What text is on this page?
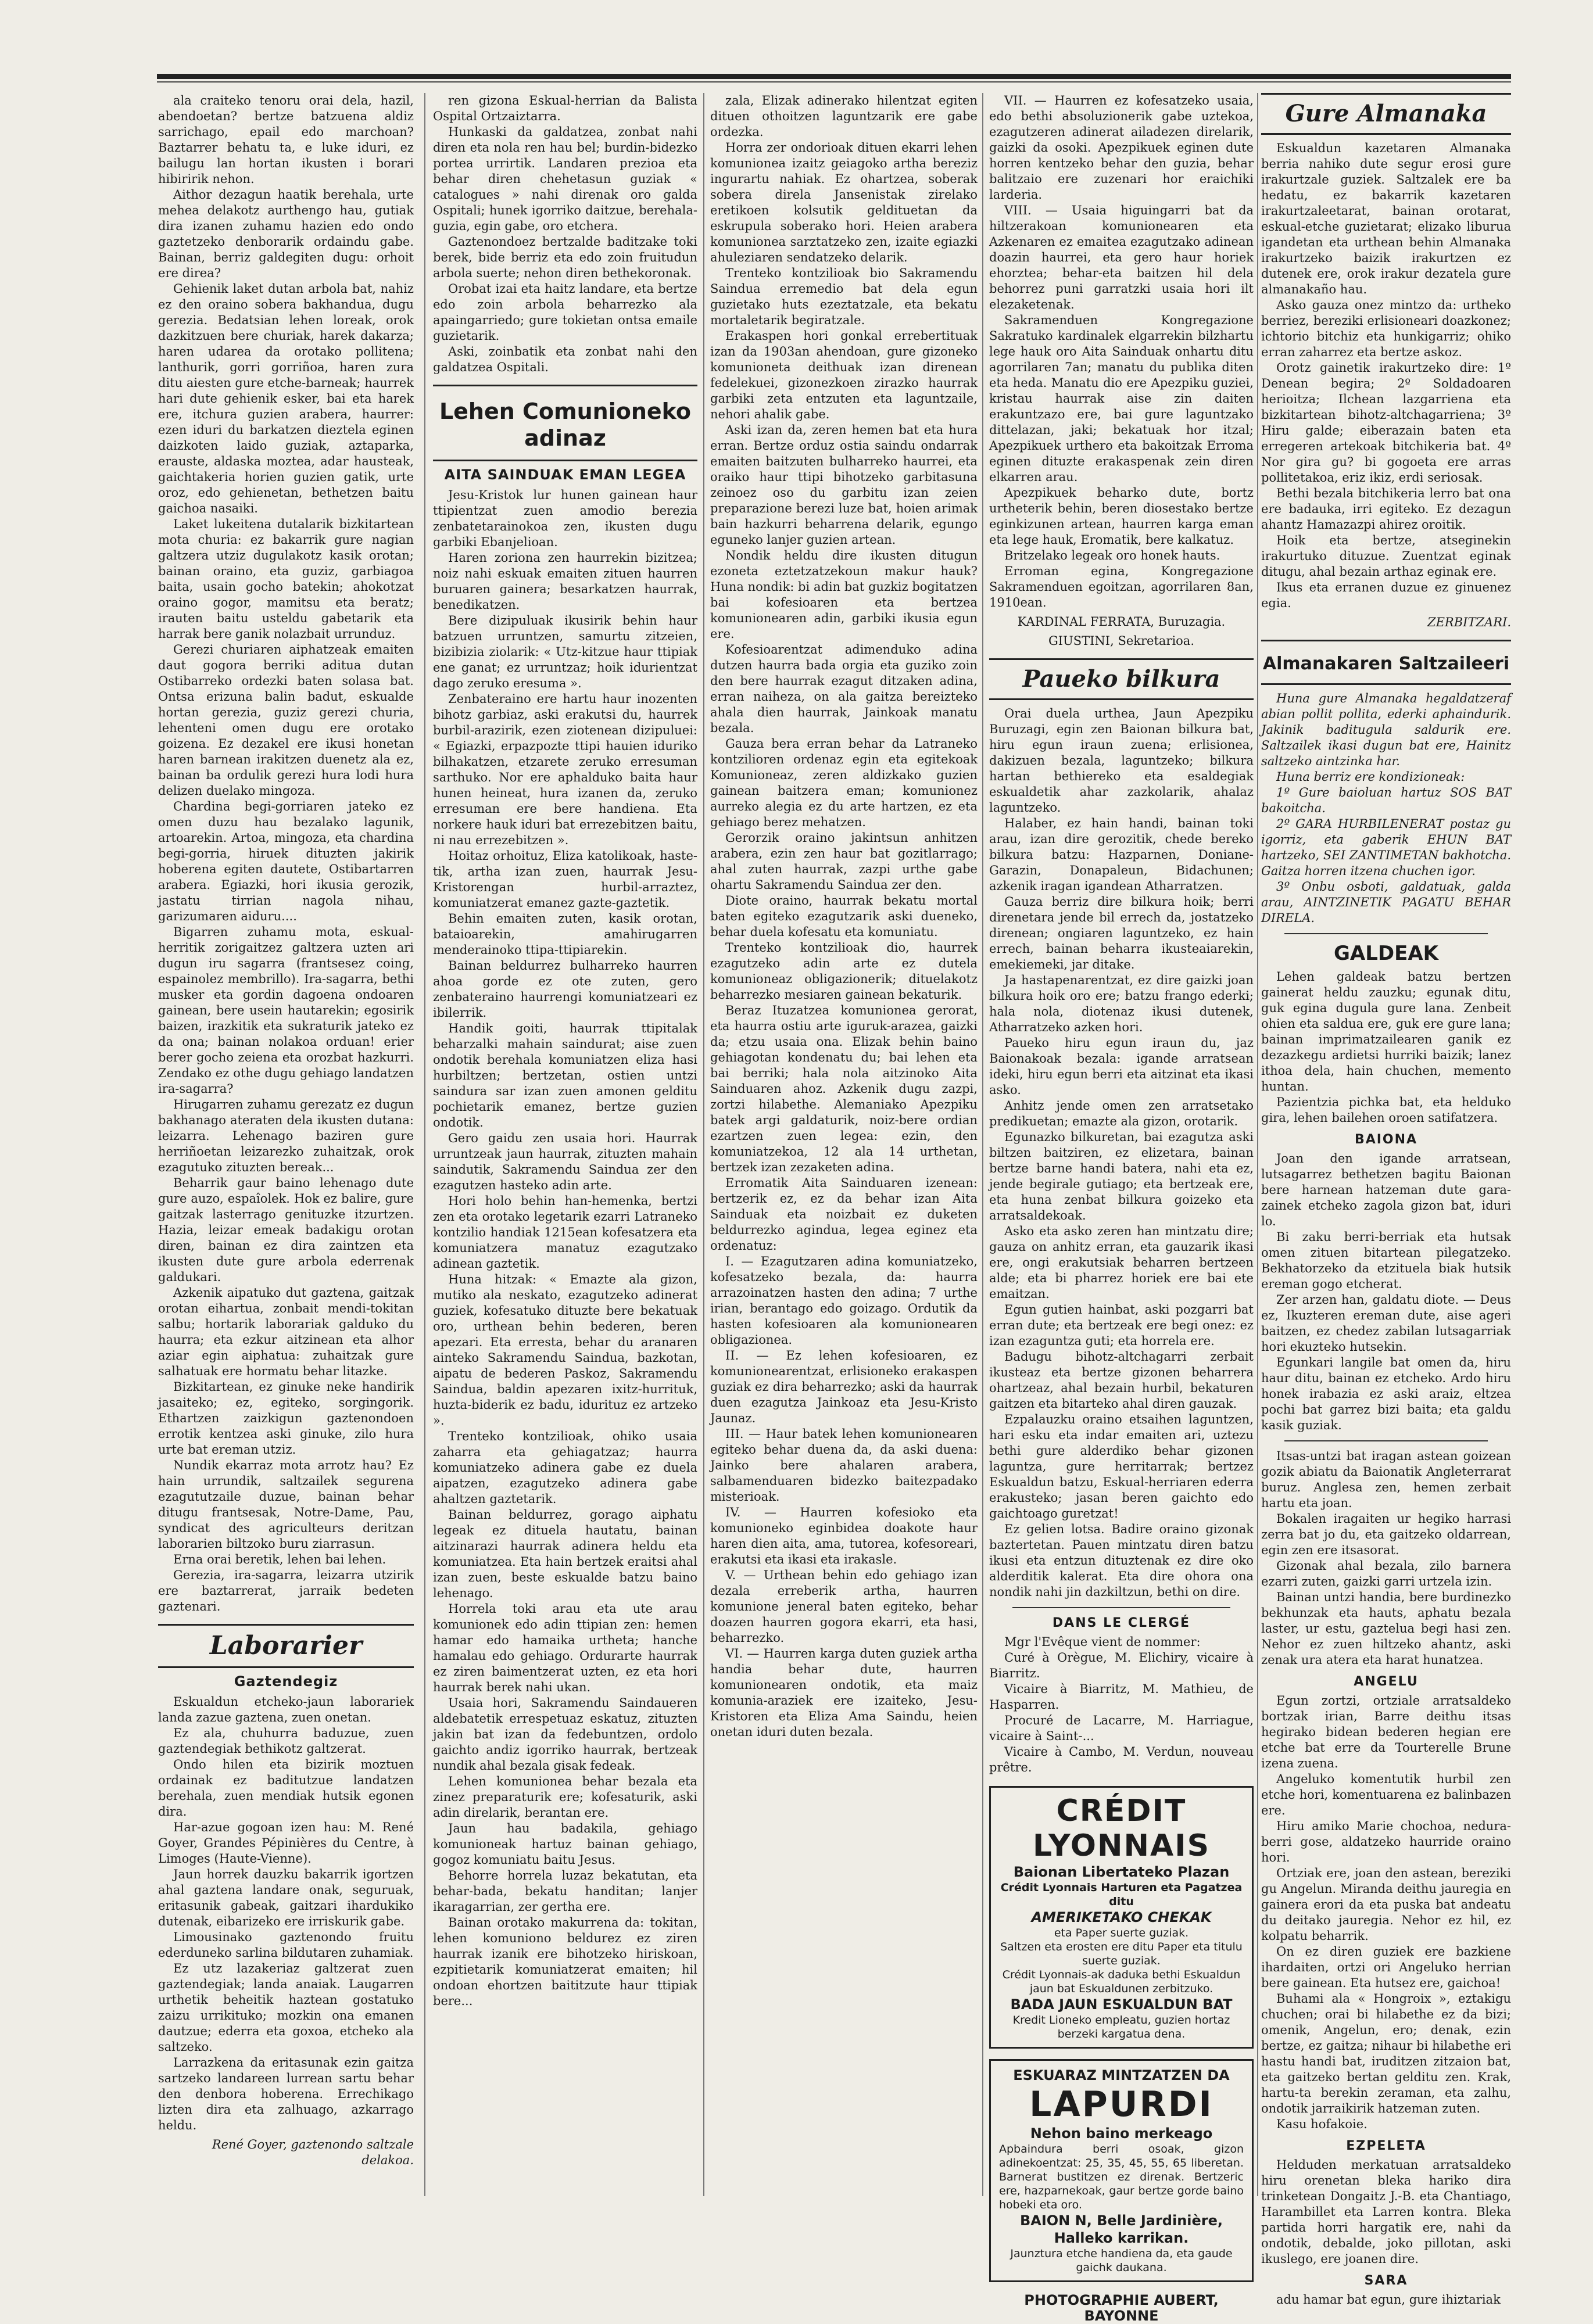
ala craiteko tenoru orai dela, hazil, abendoetan? bertze batzuena aldiz sarrichago, epail edo marchoan? Baztarrer behatu ta, e luke iduri, ez bailugu lan hortan ikusten i borari hibiririk nehon.

Aithor dezagun haatik berehala, urte mehea delakotz aurthengo hau, gutiak dira izanen zuhamu hazien edo ondo gaztetzeko denborarik ordaindu gabe. Bainan, berriz galdegiten dugu: orhoit ere direa?

Gehienik laket dutan arbola bat, nahiz ez den oraino sobera bakhandua, dugu gerezia. Bedatsian lehen loreak, orok dazkitzuen bere churiak, harek dakarza; haren udarea da orotako pollitena; lanthurik, gorri gorriñoa, haren zura ditu aiesten gure etche-barneak; haurrek hari dute gehienik esker, bai eta harek ere, itchura guzien arabera, haurrer: ezen iduri du barkatzen dieztela eginen daizkoten laido guziak, aztaparka, erauste, aldaska moztea, adar hausteak, gaichtakeria horien guzien gatik, urte oroz, edo gehienetan, bethetzen baitu gaichoa nasaiki.

Laket lukeitena dutalarik bizkitartean mota churia: ez bakarrik gure nagian galtzera utziz dugulakotz kasik orotan; bainan oraino, eta guziz, garbiagoa baita, usain gocho batekin; ahokotzat oraino gogor, mamitsu eta beratz; irauten baitu usteldu gabetarik eta harrak bere ganik nolazbait urrunduz.

Gerezi churiaren aiphatzeak emaiten daut gogora berriki aditua dutan Ostibarreko ordezki baten solasa bat. Ontsa erizuna balin badut, eskualde hortan gerezia, guziz gerezi churia, lehenteni omen dugu ere orotako goizena. Ez dezakel ere ikusi honetan haren barnean irakitzen duenetz ala ez, bainan ba ordulik gerezi hura lodi hura delizen duelako mingoza.

Chardina begi-gorriaren jateko ez omen duzu hau bezalako lagunik, artoarekin. Artoa, mingoza, eta chardina begi-gorria, hiruek dituzten jakirik hoberena egiten dautete, Ostibartarren arabera. Egiazki, hori ikusia gerozik, jastatu tirrian nagola nihau, garizumaren aiduru....

Bigarren zuhamu mota, eskual-herritik zorigaitzez galtzera uzten ari dugun iru sagarra (frantsesez coing, espainolez membrillo). Ira-sagarra, bethi musker eta gordin dagoena ondoaren gainean, bere usein hautarekin; egosirik baizen, irazkitik eta sukraturik jateko ez da ona; bainan nolakoa orduan! erier berer gocho zeiena eta orozbat hazkurri. Zendako ez othe dugu gehiago landatzen ira-sagarra?

Hirugarren zuhamu gerezatz ez dugun bakhanago ateraten dela ikusten dutana: leizarra. Lehenago baziren gure herriñoetan leizarezko zuhaitzak, orok ezagutuko zituzten bereak...

Beharrik gaur baino lehenago dute gure auzo, espaîolek. Hok ez balire, gure gaitzak lasterrago genituzke itzurtzen. Hazia, leizar emeak badakigu orotan diren, bainan ez dira zaintzen eta ikusten dute gure arbola ederrenak galdukari.

Azkenik aipatuko dut gaztena, gaitzak orotan eihartua, zonbait mendi-tokitan salbu; hortarik laborariak galduko du haurra; eta ezkur aitzinean eta alhor aziar egin aiphatua: zuhaitzak gure salhatuak ere hormatu behar litazke.

Bizkitartean, ez ginuke neke handirik jasaiteko; ez, egiteko, sorgingorik. Ethartzen zaizkigun gaztenondoen errotik kentzea aski ginuke, zilo hura urte bat ereman utziz.

Nundik ekarraz mota arrotz hau? Ez hain urrundik, saltzailek segurena ezagututzaile duzue, bainan behar ditugu frantsesak, Notre-Dame, Pau, syndicat des agriculteurs deritzan laborarien biltzoko buru ziarrasun.

Erna orai beretik, lehen bai lehen.

Gerezia, ira-sagarra, leizarra utzirik ere baztarrerat, jarraik bedeten gaztenari.

Laborarier
Gaztendegiz

Eskualdun etcheko-jaun laborariek landa zazue gaztena, zuen onetan.

Ez ala, chuhurra baduzue, zuen gaztendegiak bethikotz galtzerat.

Ondo hilen eta bizirik moztuen ordainak ez baditutzue landatzen berehala, zuen mendiak hutsik egonen dira.

Har-azue gogoan izen hau: M. René Goyer, Grandes Pépinières du Centre, à Limoges (Haute-Vienne).

Jaun horrek dauzku bakarrik igortzen ahal gaztena landare onak, seguruak, eritasunik gabeak, gaitzari ihardukiko dutenak, eibarizeko ere irriskurik gabe.

Limousinako gaztenondo fruitu ederduneko sarlina bildutaren zuhamiak.

Ez utz lazakeriaz galtzerat zuen gaztendegiak; landa anaiak. Laugarren urthetik beheitik haztean gostatuko zaizu urrikituko; mozkin ona emanen dautzue; ederra eta goxoa, etcheko ala saltzeko.

Larrazkena da eritasunak ezin gaitza sartzeko landareen lurrean sartu behar den denbora hoberena. Errechikago lizten dira eta zalhuago, azkarrago heldu.

René Goyer, gaztenondo saltzale delakoa.

ren gizona Eskual-herrian da Balista Ospital Ortzaiztarra.

Hunkaski da galdatzea, zonbat nahi diren eta nola ren hau bel; burdin-bidezko portea urrirtik. Landaren prezioa eta behar diren chehetasun guziak « catalogues » nahi direnak oro galda Ospitali; hunek igorriko daitzue, berehala-guzia, egin gabe, oro etchera.

Gaztenondoez bertzalde baditzake toki berek, bide berriz eta edo zoin fruitudun arbola suerte; nehon diren bethekoronak.

Orobat izai eta haitz landare, eta bertze edo zoin arbola beharrezko ala apaingarriedo; gure tokietan ontsa emaile guzietarik.

Aski, zoinbatik eta zonbat nahi den galdatzea Ospitali.

Lehen Comunioneko adinaz
AITA SAINDUAK EMAN LEGEA

Jesu-Kristok lur hunen gainean haur ttipientzat zuen amodio berezia zenbatetarainokoa zen, ikusten dugu garbiki Ebanjelioan.

Haren zoriona zen haurrekin bizitzea; noiz nahi eskuak emaiten zituen haurren buruaren gainera; besarkatzen haurrak, benedikatzen.

Bere dizipuluak ikusirik behin haur batzuen urruntzen, samurtu zitzeien, bizibizia ziolarik: « Utz-kitzue haur ttipiak ene ganat; ez urruntzaz; hoik idurientzat dago zeruko eresuma ».

Zenbateraino ere hartu haur inozenten bihotz garbiaz, aski erakutsi du, haurrek burbil-arazirik, ezen ziotenean dizipuluei: « Egiazki, erpazpozte ttipi hauien iduriko bilhakatzen, etzarete zeruko erresuman sarthuko. Nor ere aphalduko baita haur hunen heineat, hura izanen da, zeruko erresuman ere bere handiena. Eta norkere hauk iduri bat errezebitzen baitu, ni nau errezebitzen ».

Hoitaz orhoituz, Eliza katolikoak, haste-tik, artha izan zuen, haurrak Jesu-Kristorengan hurbil-arraztez, komuniatzerat emanez gazte-gaztetik.

Behin emaiten zuten, kasik orotan, bataioarekin, amahirugarren menderainoko ttipa-ttipiarekin.

Bainan beldurrez bulharreko haurren ahoa gorde ez ote zuten, gero zenbateraino haurrengi komuniatzeari ez ibilerrik.

Handik goiti, haurrak ttipitalak beharzalki mahain saindurat; aise zuen ondotik berehala komuniatzen eliza hasi hurbiltzen; bertzetan, ostien untzi saindura sar izan zuen amonen gelditu pochietarik emanez, bertze guzien ondotik.

Gero gaidu zen usaia hori. Haurrak urruntzeak jaun haurrak, zituzten mahain saindutik, Sakramendu Saindua zer den ezagutzen hasteko adin arte.

Hori holo behin han-hemenka, bertzi zen eta orotako legetarik ezarri Latraneko kontzilio handiak 1215ean kofesatzera eta komuniatzera manatuz ezagutzako adinean gaztetik.

Huna hitzak: « Emazte ala gizon, mutiko ala neskato, ezagutzeko adinerat guziek, kofesatuko dituzte bere bekatuak oro, urthean behin bederen, beren apezari. Eta erresta, behar du aranaren ainteko Sakramendu Saindua, bazkotan, aipatu de bederen Paskoz, Sakramendu Saindua, baldin apezaren ixitz-hurrituk, huzta-biderik ez badu, idurituz ez artzeko ».

Trenteko kontzilioak, ohiko usaia zaharra eta gehiagatzaz; haurra komuniatzeko adinera gabe ez duela aipatzen, ezagutzeko adinera gabe ahaltzen gaztetarik.

Bainan beldurrez, gorago aiphatu legeak ez dituela hautatu, bainan aitzinarazi haurrak adinera heldu eta komuniatzea. Eta hain bertzek eraitsi ahal izan zuen, beste eskualde batzu baino lehenago.

Horrela toki arau eta ute arau komunionek edo adin ttipian zen: hemen hamar edo hamaika urtheta; hanche hamalau edo gehiago. Ordurarte haurrak ez ziren baimentzerat uzten, ez eta hori haurrak berek nahi ukan.

Usaia hori, Sakramendu Saindaueren aldebatetik errespetuaz eskatuz, zituzten jakin bat izan da fedebuntzen, ordolo gaichto andiz igorriko haurrak, bertzeak nundik ahal bezala gisak fedeak.

Lehen komunionea behar bezala eta zinez preparaturik ere; kofesaturik, aski adin direlarik, berantan ere.

Jaun hau badakila, gehiago komunioneak hartuz bainan gehiago, gogoz komuniatu baitu Jesus.

Behorre horrela luzaz bekatutan, eta behar-bada, bekatu handitan; lanjer ikaragarrian, zer gertha ere.

Bainan orotako makurrena da: tokitan, lehen komuniono beldurez ez ziren haurrak izanik ere bihotzeko hiriskoan, ezpitietarik komuniatzerat emaiten; hil ondoan ehortzen baititzute haur ttipiak bere...

zala, Elizak adinerako hilentzat egiten dituen othoitzen laguntzarik ere gabe ordezka.

Horra zer ondorioak dituen ekarri lehen komunionea izaitz geiagoko artha bereziz ingurartu nahiak. Ez ohartzea, soberak sobera direla Jansenistak zirelako eretikoen kolsutik geldituetan da eskrupula soberako hori. Heien arabera komunionea sarztatzeko zen, izaite egiazki ahuleziaren sendatzeko delarik.

Trenteko kontzilioak bio Sakramendu Saindua erremedio bat dela egun guzietako huts ezeztatzale, eta bekatu mortaletarik begiratzale.

Erakaspen hori gonkal errebertituak izan da 1903an ahendoan, gure gizoneko komunioneta deithuak izan direnean fedelekuei, gizonezkoen zirazko haurrak garbiki zeta entzuten eta laguntzaile, nehori ahalik gabe.

Aski izan da, zeren hemen bat eta hura erran. Bertze orduz ostia saindu ondarrak emaiten baitzuten bulharreko haurrei, eta oraiko haur ttipi bihotzeko garbitasuna zeinoez oso du garbitu izan zeien preparazione berezi luze bat, hoien arimak bain hazkurri beharrena delarik, egungo eguneko lanjer guzien artean.

Nondik heldu dire ikusten ditugun ezoneta eztetzatzekoun makur hauk? Huna nondik: bi adin bat guzkiz bogitatzen bai kofesioaren eta bertzea komunionearen adin, garbiki ikusia egun ere.

Kofesioarentzat adimenduko adina dutzen haurra bada orgia eta guziko zoin den bere haurrak ezagut ditzaken adina, erran naiheza, on ala gaitza bereizteko ahala dien haurrak, Jainkoak manatu bezala.

Gauza bera erran behar da Latraneko kontzilioren ordenaz egin eta egitekoak Komunioneaz, zeren aldizkako guzien gainean baitzera eman; komunionez aurreko alegia ez du arte hartzen, ez eta gehiago berez mehatzen.

Gerorzik oraino jakintsun anhitzen arabera, ezin zen haur bat gozitlarrago; ahal zuten haurrak, zazpi urthe gabe ohartu Sakramendu Saindua zer den.

Diote oraino, haurrak bekatu mortal baten egiteko ezagutzarik aski dueneko, behar duela kofesatu eta komuniatu.

Trenteko kontzilioak dio, haurrek ezagutzeko adin arte ez dutela komunioneaz obligazionerik; dituelakotz beharrezko mesiaren gainean bekaturik.

Beraz Ituzatzea komunionea gerorat, eta haurra ostiu arte iguruk-arazea, gaizki da; etzu usaia ona. Elizak behin baino gehiagotan kondenatu du; bai lehen eta bai berriki; hala nola aitzinoko Aita Sainduaren ahoz. Azkenik dugu zazpi, zortzi hilabethe. Alemaniako Apezpiku batek argi galdaturik, noiz-bere ordian ezartzen zuen legea: ezin, den komuniatzekoa, 12 ala 14 urthetan, bertzek izan zezaketen adina.

Erromatik Aita Sainduaren izenean: bertzerik ez, ez da behar izan Aita Sainduak eta noizbait ez duketen beldurrezko agindua, legea eginez eta ordenatuz:

I. — Ezagutzaren adina komuniatzeko, kofesatzeko bezala, da: haurra arrazoinatzen hasten den adina; 7 urthe irian, berantago edo goizago. Ordutik da hasten kofesioaren ala komunionearen obligazionea.

II. — Ez lehen kofesioaren, ez komunionearentzat, erlisioneko erakaspen guziak ez dira beharrezko; aski da haurrak duen ezagutza Jainkoaz eta Jesu-Kristo Jaunaz.

III. — Haur batek lehen komunionearen egiteko behar duena da, da aski duena: Jainko bere ahalaren arabera, salbamenduaren bidezko baitezpadako misterioak.

IV. — Haurren kofesioko eta komunioneko eginbidea doakote haur haren dien aita, ama, tutorea, kofesoreari, erakutsi eta ikasi eta irakasle.

V. — Urthean behin edo gehiago izan dezala erreberik artha, haurren komunione jeneral baten egiteko, behar doazen haurren gogora ekarri, eta hasi, beharrezko.

VI. — Haurren karga duten guziek artha handia behar dute, haurren komunionearen ondotik, eta maiz komunia-araziek ere izaiteko, Jesu-Kristoren eta Eliza Ama Saindu, heien onetan iduri duten bezala.

VII. — Haurren ez kofesatzeko usaia, edo bethi absoluzionerik gabe uztekoa, ezagutzeren adinerat ailadezen direlarik, gaizki da osoki. Apezpikuek eginen dute horren kentzeko behar den guzia, behar balitzaio ere zuzenari hor eraichiki larderia.

VIII. — Usaia higuingarri bat da hiltzerakoan komunionearen eta Azkenaren ez emaitea ezagutzako adinean doazin haurrei, eta gero haur horiek ehorztea; behar-eta baitzen hil dela behorrez puni garratzki usaia hori ilt elezaketenak.

Sakramenduen Kongregazione Sakratuko kardinalek elgarrekin bilzhartu lege hauk oro Aita Sainduak onhartu ditu agorrilaren 7an; manatu du publika diten eta heda. Manatu dio ere Apezpiku guziei, kristau haurrak aise zin daiten erakuntzazo ere, bai gure laguntzako dittelazan, jaki; bekatuak hor itzal; Apezpikuek urthero eta bakoitzak Erroma eginen dituzte erakaspenak zein diren elkarren arau.

Apezpikuek beharko dute, bortz urtheterik behin, beren diosestako bertze eginkizunen artean, haurren karga eman eta lege hauk, Eromatik, bere kalkatuz.

Britzelako legeak oro honek hauts.

Erroman egina, Kongregazione Sakramenduen egoitzan, agorrilaren 8an, 1910ean.

KARDINAL FERRATA, Buruzagia.
GIUSTINI, Sekretarioa.
Paueko bilkura

Orai duela urthea, Jaun Apezpiku Buruzagi, egin zen Baionan bilkura bat, hiru egun iraun zuena; erlisionea, dakizuen bezala, laguntzeko; bilkura hartan bethiereko eta esaldegiak eskualdetik ahar zazkolarik, ahalaz laguntzeko.

Halaber, ez hain handi, bainan toki arau, izan dire gerozitik, chede bereko bilkura batzu: Hazparnen, Doniane-Garazin, Donapaleun, Bidachunen; azkenik iragan igandean Atharratzen.

Gauza berriz dire bilkura hoik; berri direnetara jende bil errech da, jostatzeko direnean; ongiaren laguntzeko, ez hain errech, bainan beharra ikusteaiarekin, emekiemeki, jar ditake.

Ja hastapenarentzat, ez dire gaizki joan bilkura hoik oro ere; batzu frango ederki; hala nola, diotenaz ikusi dutenek, Atharratzeko azken hori.

Paueko hiru egun iraun du, jaz Baionakoak bezala: igande arratsean ideki, hiru egun berri eta aitzinat eta ikasi asko.

Anhitz jende omen zen arratsetako predikuetan; emazte ala gizon, orotarik.

Egunazko bilkuretan, bai ezagutza aski biltzen baitziren, ez elizetara, bainan bertze barne handi batera, nahi eta ez, jende begirale gutiago; eta bertzeak ere, eta huna zenbat bilkura goizeko eta arratsaldekoak.

Asko eta asko zeren han mintzatu dire; gauza on anhitz erran, eta gauzarik ikasi ere, ongi erakutsiak beharren bertzeen alde; eta bi pharrez horiek ere bai ete emaitzan.

Egun gutien hainbat, aski pozgarri bat erran dute; eta bertzeak ere begi onez: ez izan ezaguntza guti; eta horrela ere.

Badugu bihotz-altchagarri zerbait ikusteaz eta bertze gizonen beharrera ohartzeaz, ahal bezain hurbil, bekaturen gaitzen eta bitarteko ahal diren gauzak.

Ezpalauzku oraino etsaihen laguntzen, hari esku eta indar emaiten ari, uztezu bethi gure alderdiko behar gizonen laguntza, gure herritarrak; bertzez Eskualdun batzu, Eskual-herriaren ederra erakusteko; jasan beren gaichto edo gaichtoago guretzat!

Ez gelien lotsa. Badire oraino gizonak baztertetan. Pauen mintzatu diren batzu ikusi eta entzun dituztenak ez dire oko alderditik kalerat. Eta dire ohora ona nondik nahi jin dazkiltzun, bethi on dire.

DANS LE CLERGÉ

Mgr l'Evêque vient de nommer:

Curé à Orègue, M. Elichiry, vicaire à Biarritz.

Vicaire à Biarritz, M. Mathieu, de Hasparren.

Procuré de Lacarre, M. Harriague, vicaire à Saint-...

Vicaire à Cambo, M. Verdun, nouveau prêtre.

CRÉDIT LYONNAIS
Baionan Libertateko Plazan
Crédit Lyonnais Harturen eta Pagatzea ditu
AMERIKETAKO CHEKAK
eta Paper suerte guziak.
Saltzen eta erosten ere ditu Paper eta titulu suerte guziak.
Crédit Lyonnais-ak daduka bethi Eskualdun jaun bat Eskualdunen zerbitzuko.
BADA JAUN ESKUALDUN BAT
Kredit Lioneko empleatu, guzien hortaz berzeki kargatua dena.
ESKUARAZ MINTZATZEN DA
LAPURDI
Nehon baino merkeago
Apbaindura berri osoak, gizon adinekoentzat: 25, 35, 45, 55, 65 liberetan. Barnerat bustitzen ez direnak. Bertzeric ere, hazparnekoak, gaur bertze gorde baino hobeki eta oro.
BAION N, Belle Jardinière, Halleko karrikan.
Jaunztura etche handiena da, eta gaude gaichk daukana.
PHOTOGRAPHIE AUBERT, BAYONNE
Gure Almanaka

Eskualdun kazetaren Almanaka berria nahiko dute segur erosi gure irakurtzale guziek. Saltzalek ere ba hedatu, ez bakarrik kazetaren irakurtzaleetarat, bainan orotarat, eskual-etche guzietarat; elizako liburua igandetan eta urthean behin Almanaka irakurtzeko baizik irakurtzen ez dutenek ere, orok irakur dezatela gure almanakaño hau.

Asko gauza onez mintzo da: urtheko berriez, bereziki erlisioneari doazkonez; ichtorio bitchiz eta hunkigarriz; ohiko erran zaharrez eta bertze askoz.

Orotz gainetik irakurtzeko dire: 1º Denean begira; 2º Soldadoaren herioitza; Ilchean lazgarriena eta bizkitartean bihotz-altchagarriena; 3º Hiru galde; eiberazain baten eta erregeren artekoak bitchikeria bat. 4º Nor gira gu? bi gogoeta ere arras pollitetakoa, eriz ikiz, erdi seriosak.

Bethi bezala bitchikeria lerro bat ona ere badauka, irri egiteko. Ez dezagun ahantz Hamazazpi ahirez oroitik.

Hoik eta bertze, atseginekin irakurtuko dituzue. Zuentzat eginak ditugu, ahal bezain arthaz eginak ere.

Ikus eta erranen duzue ez ginuenez egia.

ZERBITZARI.
Almanakaren Saltzaileeri

Huna gure Almanaka hegaldatzeraf abian pollit pollita, ederki aphaindurik. Jakinik baditugula saldurik ere. Saltzailek ikasi dugun bat ere, Hainitz saltzeko aintzinka har.

Huna berriz ere kondizioneak:

1º Gure baioluan hartuz SOS BAT bakoitcha.

2º GARA HURBILENERAT postaz gu igorriz, eta gaberik EHUN BAT hartzeko, SEI ZANTIMETAN bakhotcha. Gaitza horren itzena chuchen igor.

3º Onbu osboti, galdatuak, galda arau, AINTZINETIK PAGATU BEHAR DIRELA.

GALDEAK

Lehen galdeak batzu bertzen gainerat heldu zauzku; egunak ditu, guk egina dugula gure lana. Zenbeit ohien eta saldua ere, guk ere gure lana; bainan imprimatzailearen ganik ez dezazkegu ardietsi hurriki baizik; lanez ithoa dela, hain chuchen, memento huntan.

Pazientzia pichka bat, eta helduko gira, lehen bailehen oroen satifatzera.

BAIONA

Joan den igande arratsean, lutsagarrez bethetzen bagitu Baionan bere harnean hatzeman dute gara-zainek etcheko zagola gizon bat, iduri lo.

Bi zaku berri-berriak eta hutsak omen zituen bitartean pilegatzeko. Bekhatorzeko da etzituela biak hutsik ereman gogo etcherat.

Zer arzen han, galdatu diote. — Deus ez, Ikuzteren ereman dute, aise ageri baitzen, ez chedez zabilan lutsagarriak hori ekuzteko hutsekin.

Egunkari langile bat omen da, hiru haur ditu, bainan ez etcheko. Ardo hiru honek irabazia ez aski araiz, eltzea pochi bat garrez bizi baita; eta galdu kasik guziak.

Itsas-untzi bat iragan astean goizean gozik abiatu da Baionatik Angleterrarat buruz. Anglesa zen, hemen zerbait hartu eta joan.

Bokalen iragaiten ur hegiko harrasi zerra bat jo du, eta gaitzeko oldarrean, egin zen ere itsasorat.

Gizonak ahal bezala, zilo barnera ezarri zuten, gaizki garri urtzela izin.

Bainan untzi handia, bere burdinezko bekhunzak eta hauts, aphatu bezala laster, ur estu, gaztelua begi hasi zen. Nehor ez zuen hiltzeko ahantz, aski zenak ura atera eta harat hunatzea.

ANGELU

Egun zortzi, ortziale arratsaldeko bortzak irian, Barre deithu itsas hegirako bidean bederen hegian ere etche bat erre da Tourterelle Brune izena zuena.

Angeluko komentutik hurbil zen etche hori, komentuarena ez balinbazen ere.

Hiru amiko Marie chochoa, nedura-berri gose, aldatzeko haurride oraino hori.

Ortziak ere, joan den astean, bereziki gu Angelun. Miranda deithu jauregia en gainera erori da eta puska bat andeatu du deitako jauregia. Nehor ez hil, ez kolpatu beharrik.

On ez diren guziek ere bazkiene ihardaiten, ortzi ori Angeluko herrian bere gainean. Eta hutsez ere, gaichoa!

Buhami ala « Hongroix », eztakigu chuchen; orai bi hilabethe ez da bizi; omenik, Angelun, ero; denak, ezin bertze, ez gaitza; nihaur bi hilabethe eri hastu handi bat, iruditzen zitzaion bat, eta gaitzeko bertan gelditu zen. Krak, hartu-ta berekin zeraman, eta zalhu, ondotik jarraikirik hatzeman zuten.

Kasu hofakoie.

EZPELETA

Helduden merkatuan arratsaldeko hiru orenetan bleka hariko dira trinketean Dongaitz J.-B. eta Chantiago, Harambillet eta Larren kontra. Bleka partida horri hargatik ere, nahi da ondotik, debalde, joko pillotan, aski ikuslego, ere joanen dire.

SARA

adu hamar bat egun, gure ihiztariak
